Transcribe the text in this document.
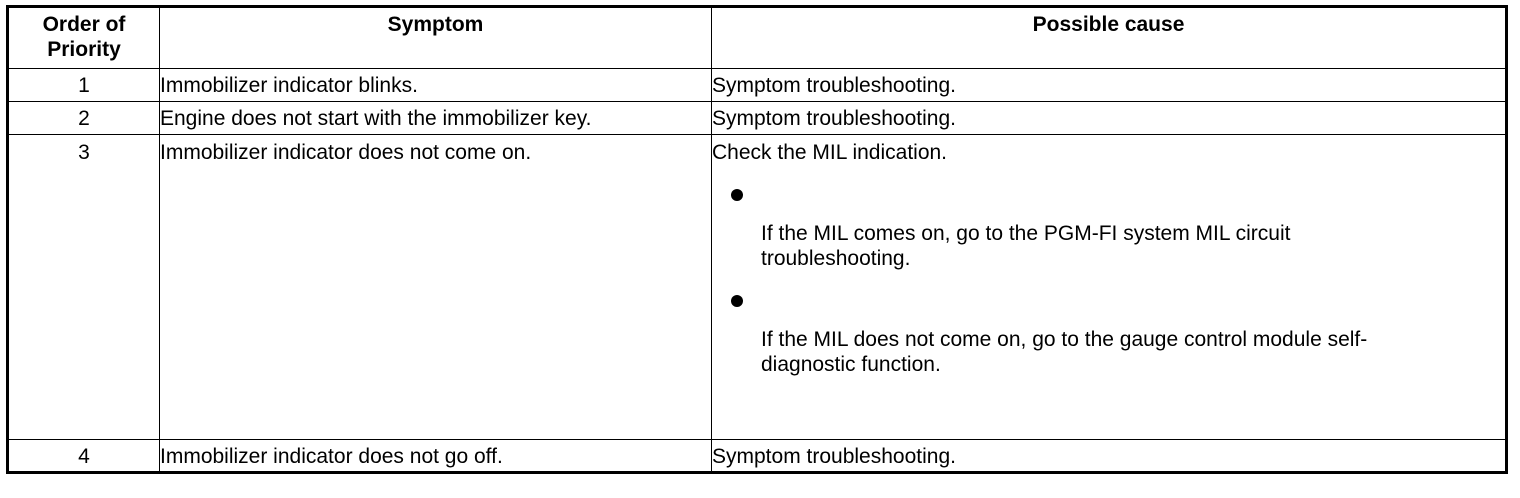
Order of
Priority	Symptom	Possible cause
1	Immobilizer indicator blinks.	Symptom troubleshooting.
2	Engine does not start with the immobilizer key.	Symptom troubleshooting.
3	Immobilizer indicator does not come on.	Check the MIL indication.
If the MIL comes on, go to the PGM-FI system MIL circuit troubleshooting.
If the MIL does not come on, go to the gauge control module self-diagnostic function.

4	Immobilizer indicator does not go off.	Symptom troubleshooting.
